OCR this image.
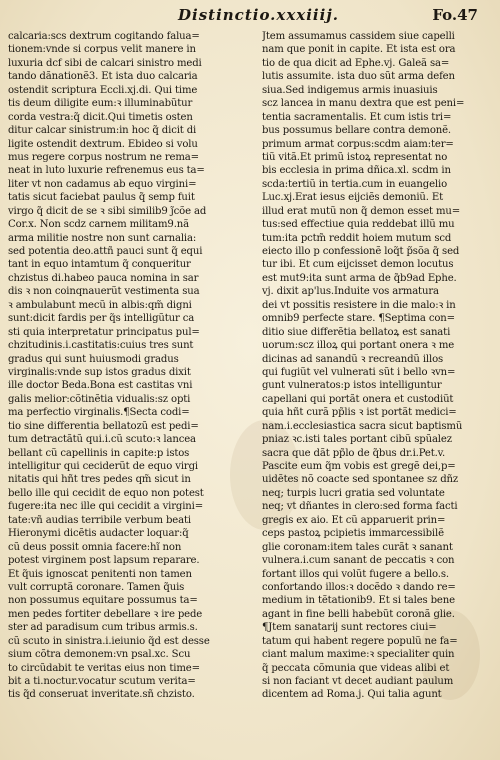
Distinctio.xxxiiij.	Fo.47
calcaria:scs dextrum cogitando falua=
tionem:vnde si corpus velit manere in
luxuria dcf sibi de calcari sinistro medi
tando dãnationẽ3. Et ista duo calcaria
ostendit scriptura Eccli.xj.di. Qui time
tis deum diligite eum:ꝛ illuminabũtur
corda vestra:q̃ dicit.Qui timetis osten
ditur calcar sinistrum:in hoc q̃ dicit di
ligite ostendit dextrum. Ebideo si volu
mus regere corpus nostrum ne rema=
neat in luto luxurie refrenemus eus ta=
liter vt non cadamus ab equo virgini=
tatis sicut faciebat paulus q̃ semp fuit
virgo q̃ dicit de se ꝛ sibi similib9 j̃cõe ad
Cor.x. Non scdz carnem militam9.nã
arma militie nostre non sunt carnalia:
sed potentia deo.attñ pauci sunt q̃ equi
tant in equo intamtum q̃ conqueritur
chzistus di.habeo pauca nomina in sar
dis ꝛ non coinqnauerũt vestimenta sua
ꝛ ambulabunt mecũ in albis:qm̃ digni
sunt:dicit fardis per q̃s intelligũtur ca
sti quia interpretatur principatus pul=
chzitudinis.i.castitatis:cuius tres sunt
gradus qui sunt huiusmodi gradus
virginalis:vnde sup istos gradus dixit
ille doctor Beda.Bona est castitas vni
galis melior:cõtinẽtia vidualis:sz opti
ma perfectio virginalis.¶Secta codi=
tio sine differentia bellatozũ est pedi=
tum detractãtũ qui.i.cũ scuto:ꝛ lancea
bellant cũ capellinis in capite:p istos
intelligitur qui ceciderũt de equo virgi
nitatis qui hñt tres pedes qm̃ sicut in
bello ille qui cecidit de equo non potest
fugere:ita nec ille qui cecidit a virgini=
tate:vñ audias terribile verbum beati
Hieronymi dicẽtis audacter loquar:q̃
cũ deus possit omnia facere:hĩ non
potest virginem post lapsum reparare.
Et q̃uis ignoscat penitenti non tamen
vult corruptã coronare. Tamen q̃uis
non possumus equitare possumus ta=
men pedes fortiter debellare ꝛ ire pede
ster ad paradisum cum tribus armis.s.
cũ scuto in sinistra.i.ieiunio q̃d est desse
sium cõtra demonem:vn psal.xc. Scu
to circũdabit te veritas eius non time=
bit a ti.noctur.vocatur scutum verita=
tis q̃d conseruat inveritate.sñ chzisto.
Jtem assumamus cassidem siue capelli
nam que ponit in capite. Et ista est ora
tio de qua dicit ad Ephe.vj. Galeã sa=
lutis assumite. ista duo sũt arma defen
siua.Sed indigemus armis inuasiuis
scz lancea in manu dextra que est peni=
tentia sacramentalis. Et cum istis tri=
bus possumus bellare contra demonẽ.
primum armat corpus:scdm aiam:ter=
tiũ vitã.Et primũ istoꝝ representat no
bis ecclesia in prima dñica.xl. scdm in
scda:tertiũ in tertia.cum in euangelio
Luc.xj.Erat iesus eijciẽs demoniũ. Et
illud erat mutũ non q̃ demon esset mu=
tus:sed effectiue quia reddebat illũ mu
tum:ita pctm̃ reddit hoiem mutum scd
eiecto illo p confessionẽ loq̃t p̃sõa q̃ sed
tur ibi. Et cum eijcisset demon locutus
est mut9:ita sunt arma de q̃b9ad Ephe.
vj. dixit ap'lus.Induite vos armatura
dei vt possitis resistere in die malo:ꝛ in
omnib9 perfecte stare. ¶Septima con=
ditio siue differẽtia bellatoꝝ est sanati
uorum:scz illoꝝ qui portant onera ꝛ me
dicinas ad sanandũ ꝛ recreandũ illos
qui fugiũt vel vulnerati sũt i bello ꝛvn=
gunt vulneratos:p istos intelliguntur
capellani qui portãt onera et custodiũt
quia hñt curã pp̃lis ꝛ ist portãt medici=
nam.i.ecclesiastica sacra sicut baptismũ
pniaz ꝛc.isti tales portant cibũ spũalez
sacra que dãt pp̃lo de q̃bus dr.i.Pet.v.
Pascite eum q̃m vobis est gregẽ dei,p=
uidẽtes nõ coacte sed spontanee sz dñz
neq; turpis lucri gratia sed voluntate
neq; vt dñantes in clero:sed forma facti
gregis ex aio. Et cũ apparuerit prin=
ceps pastoꝝ pcipietis immarcessibilẽ
glie coronam:item tales curãt ꝛ sanant
vulnera.i.cum sanant de peccatis ꝛ con
fortant illos qui volũt fugere a bello.s.
confortando illos:ꝛ docẽdo ꝛ dando re=
medium in tẽtationib9. Et si tales bene
agant in fine belli habebũt coronã glie.
¶Jtem sanatarij sunt rectores ciui=
tatum qui habent regere populũ ne fa=
ciant malum maxime:ꝛ specialiter quin
q̃ peccata cõmunia que videas alibi et
si non faciant vt decet audiant paulum
dicentem ad Roma.j. Qui talia agunt
